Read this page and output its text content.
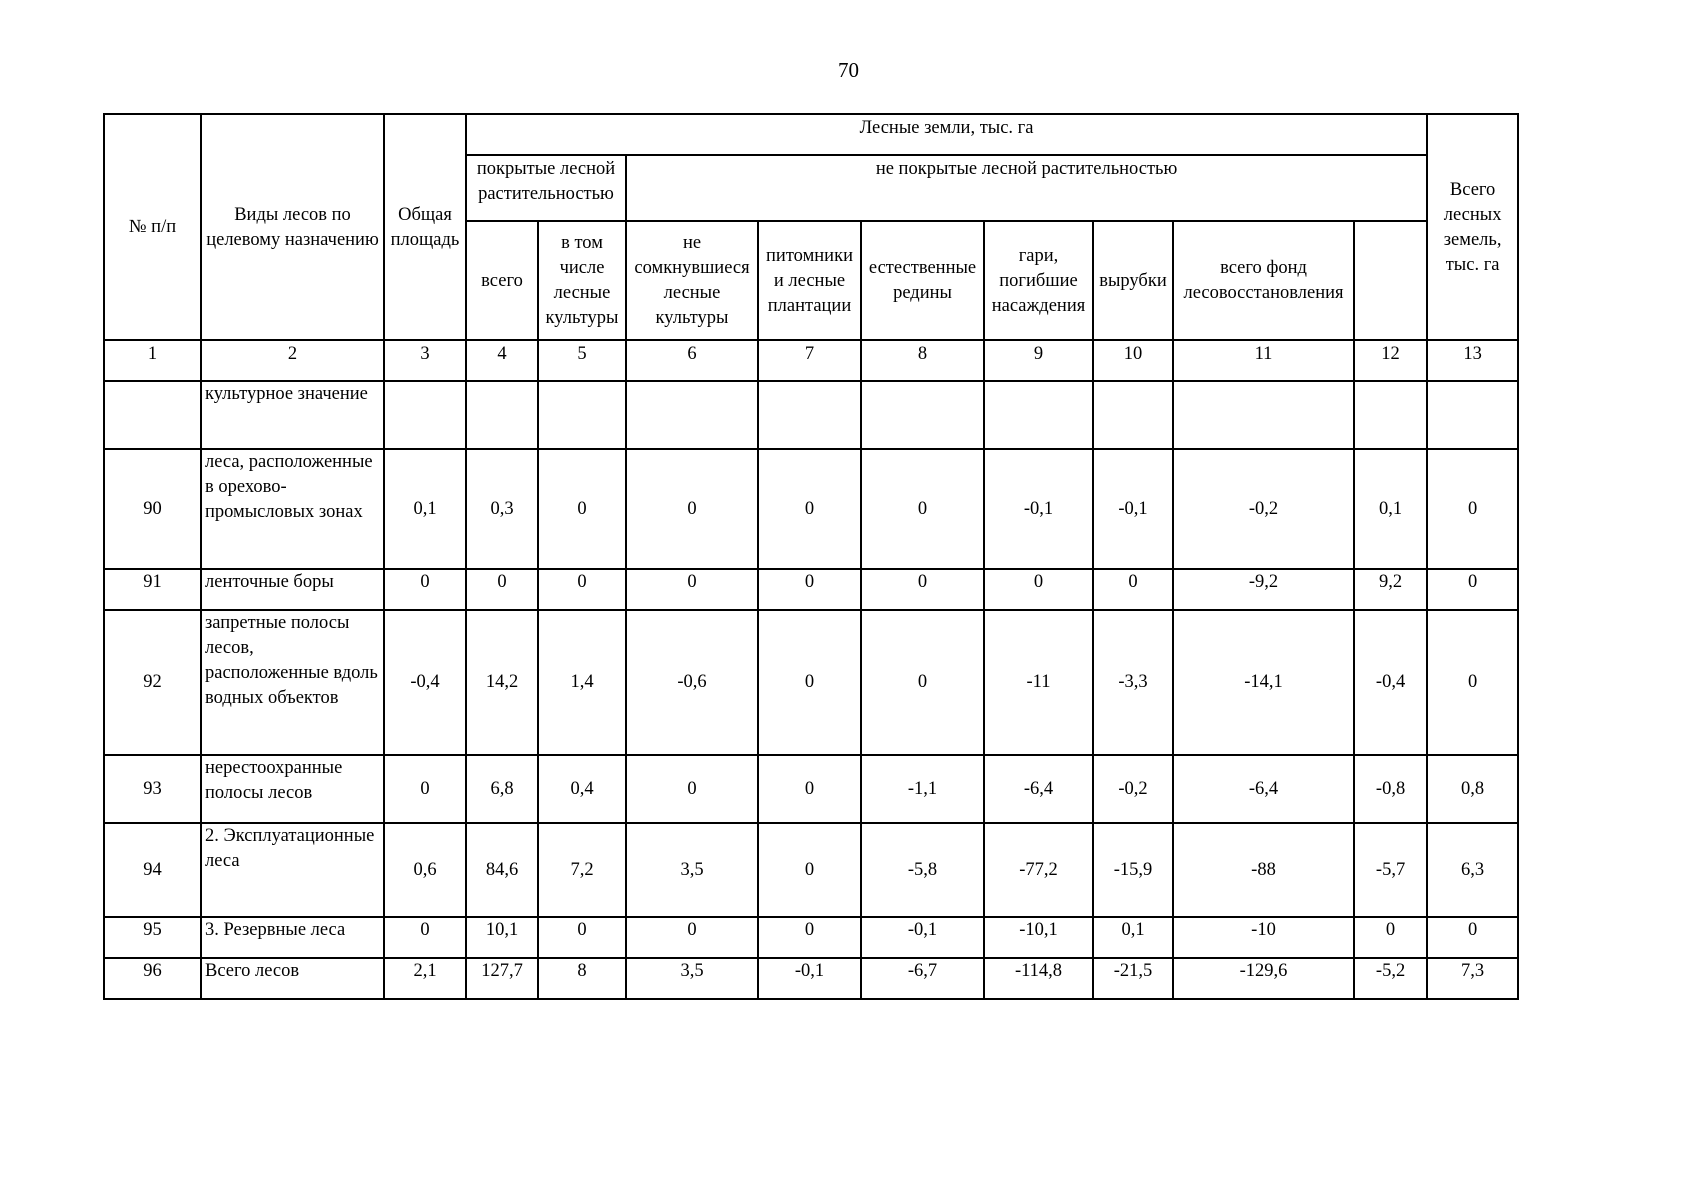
70
№ п/п	Виды лесов по целевому назначению	Общая площадь	Лесные земли, тыс. га									Всего лесных земель, тыс. га	
			покрытые лесной растительностью		не покрытые лесной растительностью								
			всего	в том числе лесные культуры	не сомкнувшиеся лесные культуры	питомники и лесные плантации	естественные редины	гари, погибшие насаждения	вырубки	всего фонд лесовосстановления			
1	2	3	4	5	6	7	8	9	10	11	12	13	
	культурное значение												
90	леса, расположенные в орехово-промысловых зонах	0,1	0,3	0	0	0	0	-0,1	-0,1	-0,2	0,1	0	
91	ленточные боры	0	0	0	0	0	0	0	0	-9,2	9,2	0	
92	запретные полосы лесов, расположенные вдоль водных объектов	-0,4	14,2	1,4	-0,6	0	0	-11	-3,3	-14,1	-0,4	0	
93	нерестоохранные полосы лесов	0	6,8	0,4	0	0	-1,1	-6,4	-0,2	-6,4	-0,8	0,8	
94	2. Эксплуатационные леса	0,6	84,6	7,2	3,5	0	-5,8	-77,2	-15,9	-88	-5,7	6,3	
95	3. Резервные леса	0	10,1	0	0	0	-0,1	-10,1	0,1	-10	0	0	
96	Всего лесов	2,1	127,7	8	3,5	-0,1	-6,7	-114,8	-21,5	-129,6	-5,2	7,3	
